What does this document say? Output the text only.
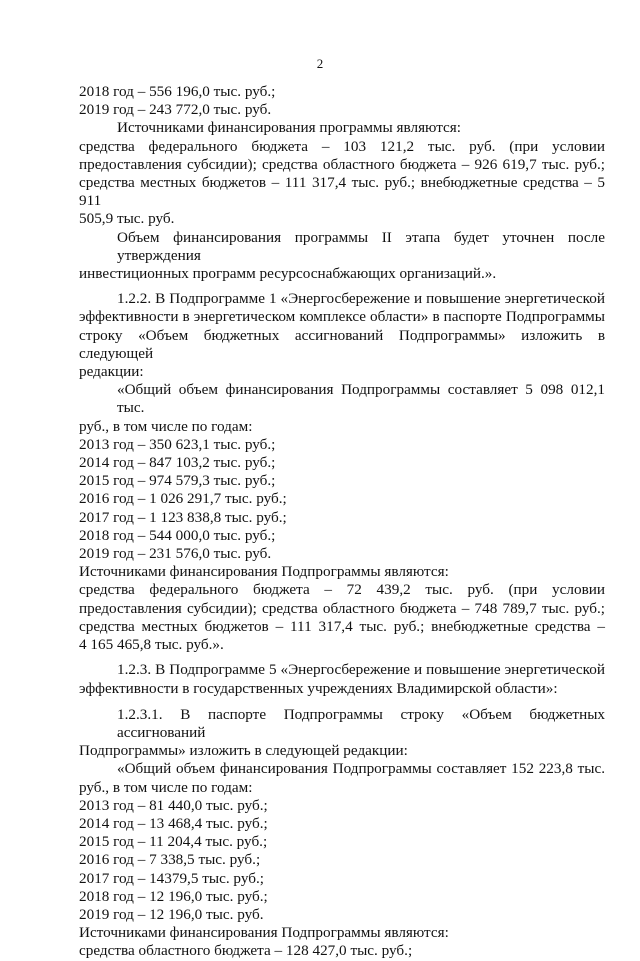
2
2018 год – 556 196,0 тыс. руб.;
2019 год – 243 772,0 тыс. руб.
Источниками финансирования программы являются:
средства федерального бюджета – 103 121,2 тыс. руб. (при условии
предоставления субсидии); средства областного бюджета – 926 619,7 тыс. руб.;
средства местных бюджетов – 111 317,4 тыс. руб.; внебюджетные средства – 5 911
505,9 тыс. руб.
Объем финансирования программы II этапа будет уточнен после утверждения
инвестиционных программ ресурсоснабжающих организаций.».
1.2.2. В Подпрограмме 1 «Энергосбережение и повышение энергетической
эффективности в энергетическом комплексе области» в паспорте Подпрограммы
строку «Объем бюджетных ассигнований Подпрограммы» изложить в следующей
редакции:
«Общий объем финансирования Подпрограммы составляет 5 098 012,1 тыс.
руб., в том числе по годам:
2013 год – 350 623,1 тыс. руб.;
2014 год – 847 103,2 тыс. руб.;
2015 год – 974 579,3 тыс. руб.;
2016 год – 1 026 291,7 тыс. руб.;
2017 год – 1 123 838,8 тыс. руб.;
2018 год – 544 000,0 тыс. руб.;
2019 год – 231 576,0 тыс. руб.
Источниками финансирования Подпрограммы являются:
средства федерального бюджета – 72 439,2 тыс. руб. (при условии
предоставления субсидии); средства областного бюджета – 748 789,7 тыс. руб.;
средства местных бюджетов – 111 317,4 тыс. руб.; внебюджетные средства –
4 165 465,8 тыс. руб.».
1.2.3. В Подпрограмме 5 «Энергосбережение и повышение энергетической
эффективности в государственных учреждениях Владимирской области»:
1.2.3.1. В паспорте Подпрограммы строку «Объем бюджетных ассигнований
Подпрограммы» изложить в следующей редакции:
«Общий объем финансирования Подпрограммы составляет 152 223,8 тыс.
руб., в том числе по годам:
2013 год – 81 440,0 тыс. руб.;
2014 год – 13 468,4 тыс. руб.;
2015 год – 11 204,4 тыс. руб.;
2016 год – 7 338,5 тыс. руб.;
2017 год – 14379,5 тыс. руб.;
2018 год – 12 196,0 тыс. руб.;
2019 год – 12 196,0 тыс. руб.
Источниками финансирования Подпрограммы являются:
средства областного бюджета – 128 427,0 тыс. руб.;
